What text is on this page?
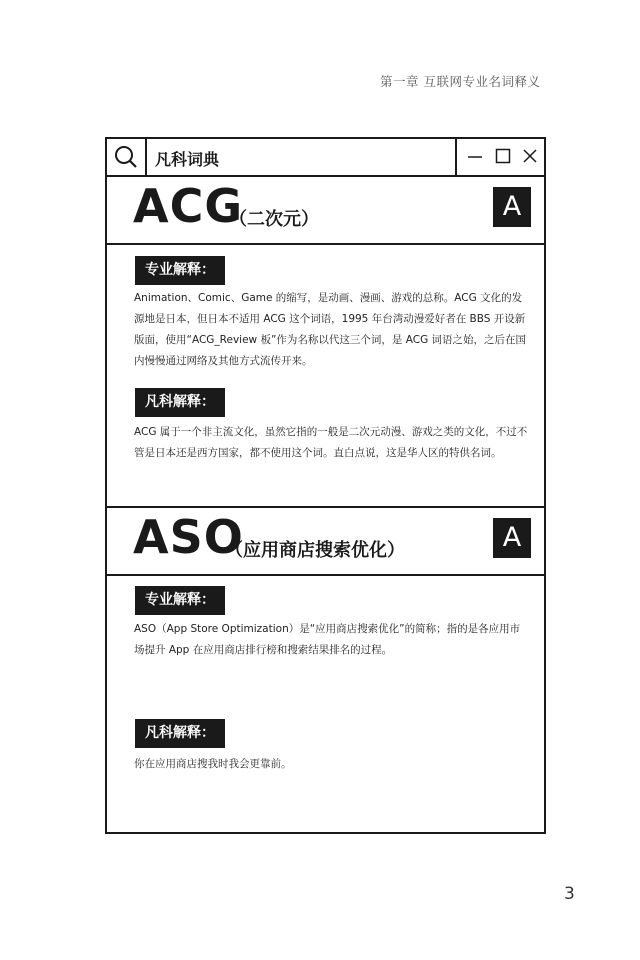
第一章 互联网专业名词释义
凡科词典
ACG
（二次元）	A
专业解释：

Animation、Comic、Game 的缩写，是动画、漫画、游戏的总称。ACG 文化的发源地是日本，但日本不适用 ACG 这个词语，1995 年台湾动漫爱好者在 BBS 开设新版面，使用“ACG_Review 板”作为名称以代这三个词，是 ACG 词语之始，之后在国内慢慢通过网络及其他方式流传开来。

凡科解释：

ACG 属于一个非主流文化，虽然它指的一般是二次元动漫、游戏之类的文化，不过不管是日本还是西方国家，都不使用这个词。直白点说，这是华人区的特供名词。

ASO
（应用商店搜索优化）	A
专业解释：

ASO（App Store Optimization）是“应用商店搜索优化”的简称；指的是各应用市场提升 App 在应用商店排行榜和搜索结果排名的过程。

凡科解释：

你在应用商店搜我时我会更靠前。

3
